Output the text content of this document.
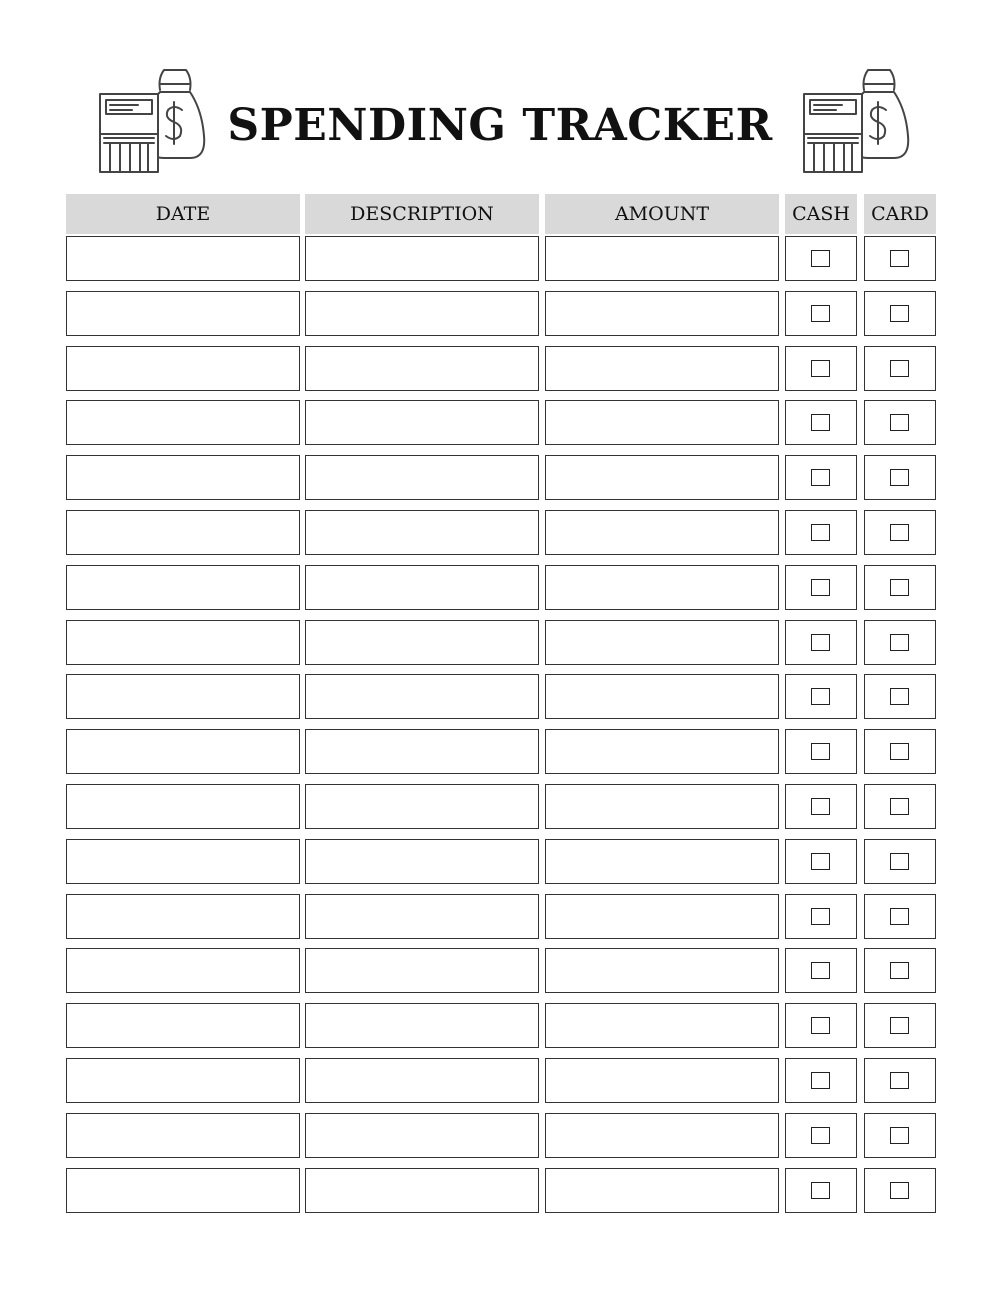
SPENDING TRACKER
DATE	DESCRIPTION	AMOUNT	CASH	CARD
